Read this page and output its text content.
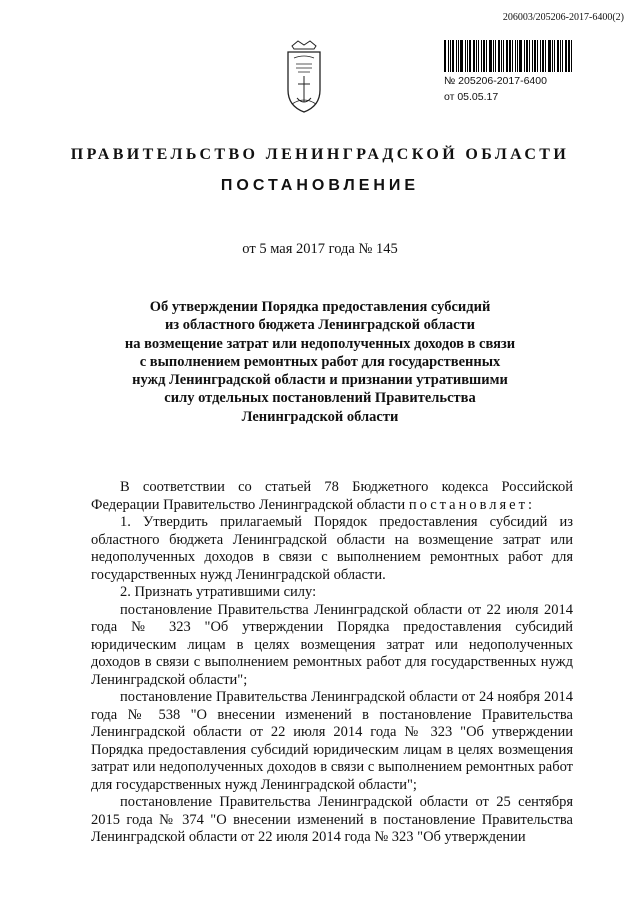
206003/205206-2017-6400(2)
№ 205206-2017-6400
от 05.05.17
ПРАВИТЕЛЬСТВО ЛЕНИНГРАДСКОЙ ОБЛАСТИ
ПОСТАНОВЛЕНИЕ
от 5 мая 2017 года № 145
Об утверждении Порядка предоставления субсидий
из областного бюджета Ленинградской области
на возмещение затрат или недополученных доходов в связи
с выполнением ремонтных работ для государственных
нужд Ленинградской области и признании утратившими
силу отдельных постановлений Правительства
Ленинградской области

В соответствии со статьей 78 Бюджетного кодекса Российской Федерации Правительство Ленинградской области постановляет:

1. Утвердить прилагаемый Порядок предоставления субсидий из областного бюджета Ленинградской области на возмещение затрат или недополученных доходов в связи с выполнением ремонтных работ для государственных нужд Ленинградской области.

2. Признать утратившими силу:

постановление Правительства Ленинградской области от 22 июля 2014 года № 323 "Об утверждении Порядка предоставления субсидий юридическим лицам в целях возмещения затрат или недополученных доходов в связи с выполнением ремонтных работ для государственных нужд Ленинградской области";

постановление Правительства Ленинградской области от 24 ноября 2014 года № 538 "О внесении изменений в постановление Правительства Ленинградской области от 22 июля 2014 года № 323 "Об утверждении Порядка предоставления субсидий юридическим лицам в целях возмещения затрат или недополученных доходов в связи с выполнением ремонтных работ для государственных нужд Ленинградской области";

постановление Правительства Ленинградской области от 25 сентября 2015 года № 374 "О внесении изменений в постановление Правительства Ленинградской области от 22 июля 2014 года № 323 "Об утверждении
